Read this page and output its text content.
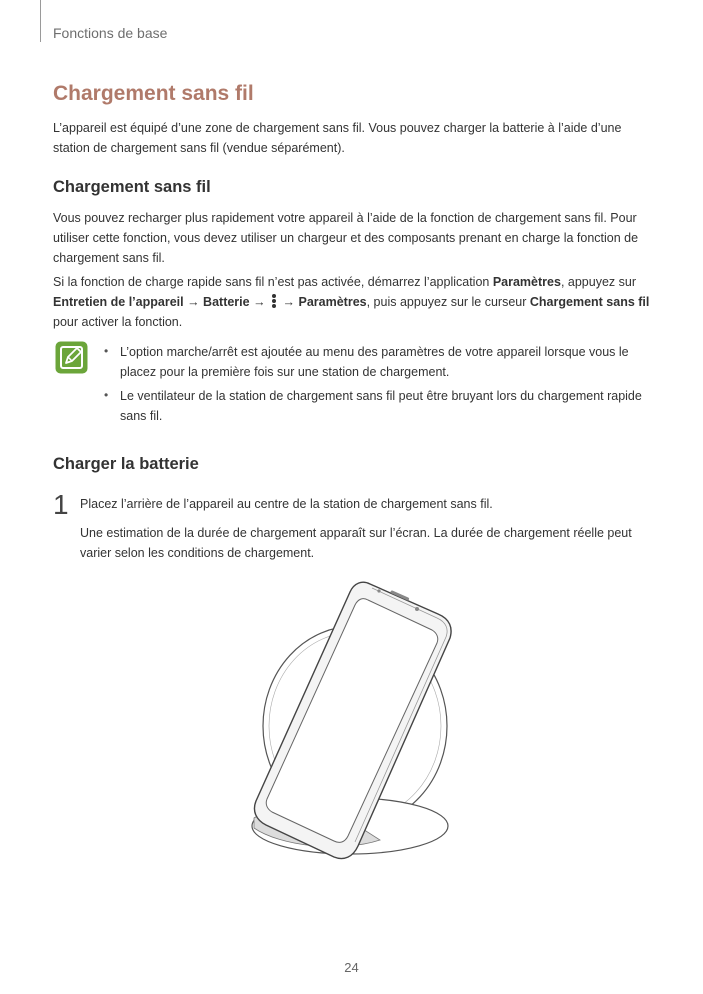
Fonctions de base
Chargement sans fil
L’appareil est équipé d’une zone de chargement sans fil. Vous pouvez charger la batterie à l’aide d’une station de chargement sans fil (vendue séparément).
Chargement sans fil
Vous pouvez recharger plus rapidement votre appareil à l’aide de la fonction de chargement sans fil. Pour utiliser cette fonction, vous devez utiliser un chargeur et des composants prenant en charge la fonction de chargement sans fil.
Si la fonction de charge rapide sans fil n’est pas activée, démarrez l’application Paramètres, appuyez sur Entretien de l’appareil → Batterie →
→ Paramètres, puis appuyez sur le curseur Chargement sans fil pour activer la fonction.
• L’option marche/arrêt est ajoutée au menu des paramètres de votre appareil lorsque vous le placez pour la première fois sur une station de chargement.
• Le ventilateur de la station de chargement sans fil peut être bruyant lors du chargement rapide sans fil.
Charger la batterie
1 Placez l’arrière de l’appareil au centre de la station de chargement sans fil.
Une estimation de la durée de chargement apparaît sur l’écran. La durée de chargement réelle peut varier selon les conditions de chargement.
24
